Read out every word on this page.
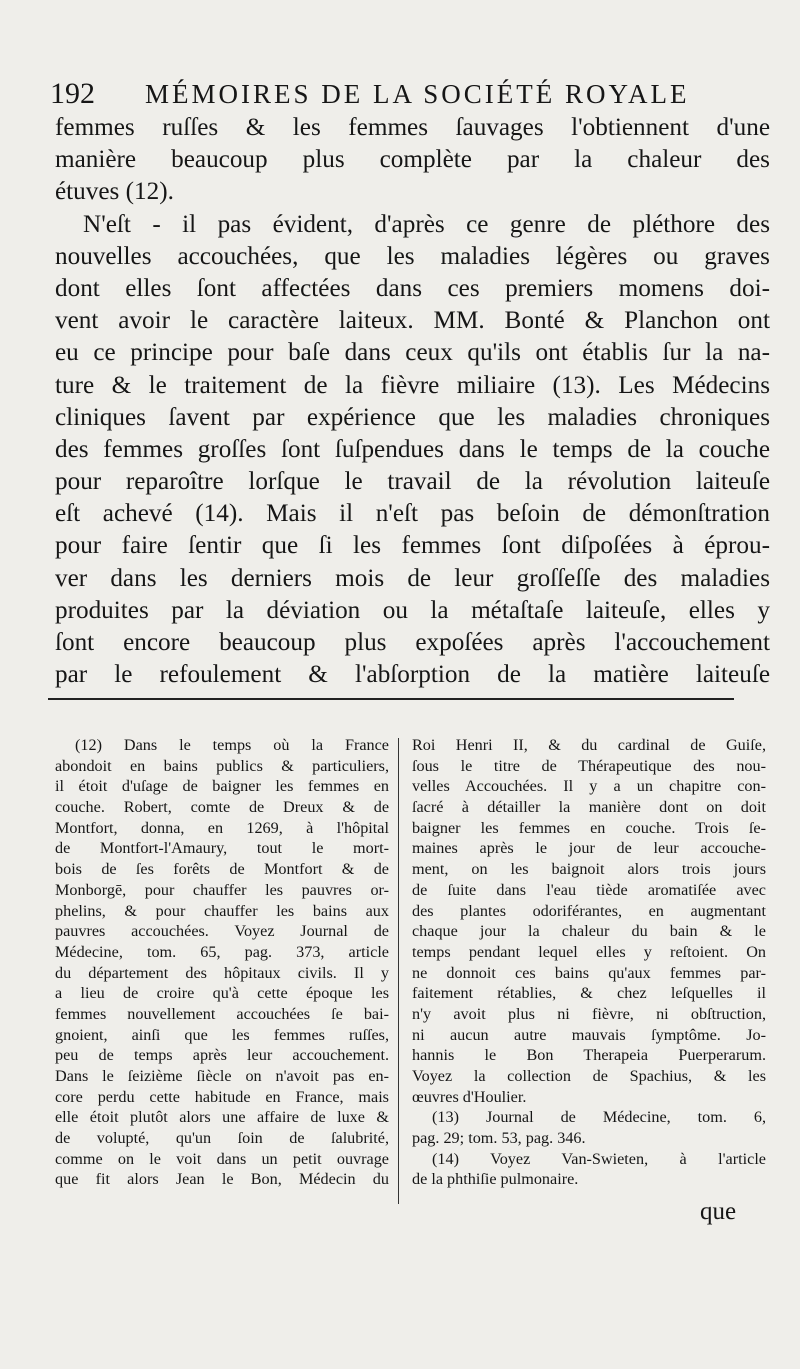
192 MÉMOIRES DE LA SOCIÉTÉ ROYALE
femmes ruſſes & les femmes ſauvages l'obtiennent d'une
manière beaucoup plus complète par la chaleur des
étuves (12).
N'eſt - il pas évident, d'après ce genre de pléthore des
nouvelles accouchées, que les maladies légères ou graves
dont elles ſont affectées dans ces premiers momens doi-
vent avoir le caractère laiteux. MM. Bonté & Planchon ont
eu ce principe pour baſe dans ceux qu'ils ont établis ſur la na-
ture & le traitement de la fièvre miliaire (13). Les Médecins
cliniques ſavent par expérience que les maladies chroniques
des femmes groſſes ſont ſuſpendues dans le temps de la couche
pour reparoître lorſque le travail de la révolution laiteuſe
eſt achevé (14). Mais il n'eſt pas beſoin de démonſtration
pour faire ſentir que ſi les femmes ſont diſpoſées à éprou-
ver dans les derniers mois de leur groſſeſſe des maladies
produites par la déviation ou la métaſtaſe laiteuſe, elles y
ſont encore beaucoup plus expoſées après l'accouchement
par le refoulement & l'abſorption de la matière laiteuſe
(12) Dans le temps où la France
abondoit en bains publics & particuliers,
il étoit d'uſage de baigner les femmes en
couche. Robert, comte de Dreux & de
Montfort, donna, en 1269, à l'hôpital
de Montfort-l'Amaury, tout le mort-
bois de ſes forêts de Montfort & de
Monborgē, pour chauffer les pauvres or-
phelins, & pour chauffer les bains aux
pauvres accouchées. Voyez Journal de
Médecine, tom. 65, pag. 373, article
du département des hôpitaux civils. Il y
a lieu de croire qu'à cette époque les
femmes nouvellement accouchées ſe bai-
gnoient, ainſi que les femmes ruſſes,
peu de temps après leur accouchement.
Dans le ſeizième ſiècle on n'avoit pas en-
core perdu cette habitude en France, mais
elle étoit plutôt alors une affaire de luxe &
de volupté, qu'un ſoin de ſalubrité,
comme on le voit dans un petit ouvrage
que fit alors Jean le Bon, Médecin du
Roi Henri II, & du cardinal de Guiſe,
ſous le titre de Thérapeutique des nou-
velles Accouchées. Il y a un chapitre con-
ſacré à détailler la manière dont on doit
baigner les femmes en couche. Trois ſe-
maines après le jour de leur accouche-
ment, on les baignoit alors trois jours
de ſuite dans l'eau tiède aromatiſée avec
des plantes odoriférantes, en augmentant
chaque jour la chaleur du bain & le
temps pendant lequel elles y reſtoient. On
ne donnoit ces bains qu'aux femmes par-
faitement rétablies, & chez leſquelles il
n'y avoit plus ni fièvre, ni obſtruction,
ni aucun autre mauvais ſymptôme. Jo-
hannis le Bon Therapeia Puerperarum.
Voyez la collection de Spachius, & les
œuvres d'Houlier.
(13) Journal de Médecine, tom. 6,
pag. 29; tom. 53, pag. 346.
(14) Voyez Van-Swieten, à l'article
de la phthiſie pulmonaire.
que
